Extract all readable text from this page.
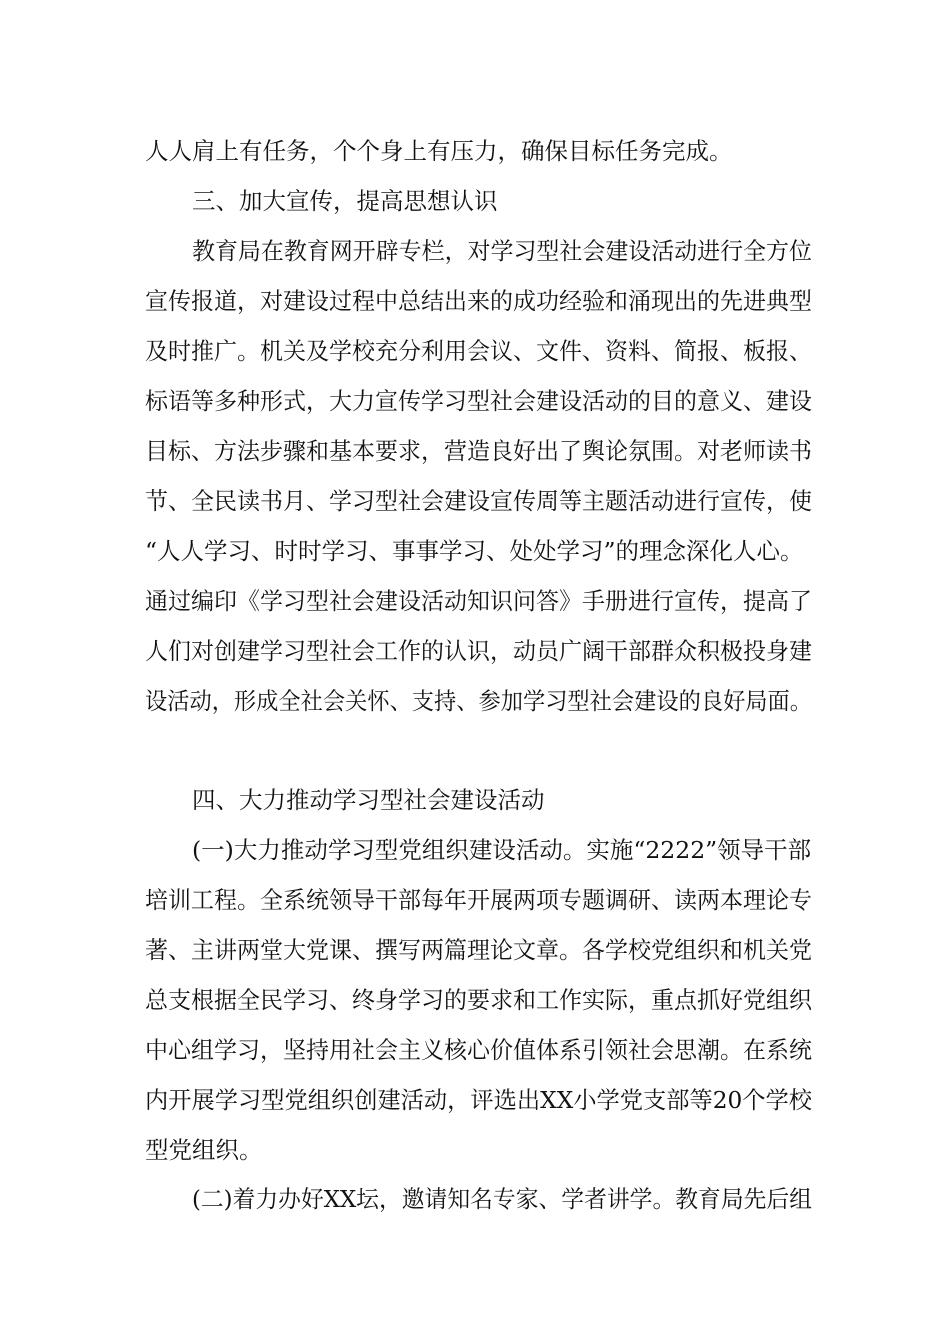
人人肩上有任务，个个身上有压力，确保目标任务完成。
三、加大宣传，提高思想认识
教育局在教育网开辟专栏，对学习型社会建设活动进行全方位
宣传报道，对建设过程中总结出来的成功经验和涌现出的先进典型
及时推广。机关及学校充分利用会议、文件、资料、简报、板报、
标语等多种形式，大力宣传学习型社会建设活动的目的意义、建设
目标、方法步骤和基本要求，营造良好出了舆论氛围。对老师读书
节、全民读书月、学习型社会建设宣传周等主题活动进行宣传，使
“人人学习、时时学习、事事学习、处处学习”的理念深化人心。
通过编印《学习型社会建设活动知识问答》手册进行宣传，提高了
人们对创建学习型社会工作的认识，动员广阔干部群众积极投身建
设活动，形成全社会关怀、支持、参加学习型社会建设的良好局面。
四、大力推动学习型社会建设活动
(一)大力推动学习型党组织建设活动。实施“2222”领导干部
培训工程。全系统领导干部每年开展两项专题调研、读两本理论专
著、主讲两堂大党课、撰写两篇理论文章。各学校党组织和机关党
总支根据全民学习、终身学习的要求和工作实际，重点抓好党组织
中心组学习，坚持用社会主义核心价值体系引领社会思潮。在系统
内开展学习型党组织创建活动，评选出XX小学党支部等20个学校
型党组织。
(二)着力办好XX坛，邀请知名专家、学者讲学。教育局先后组
